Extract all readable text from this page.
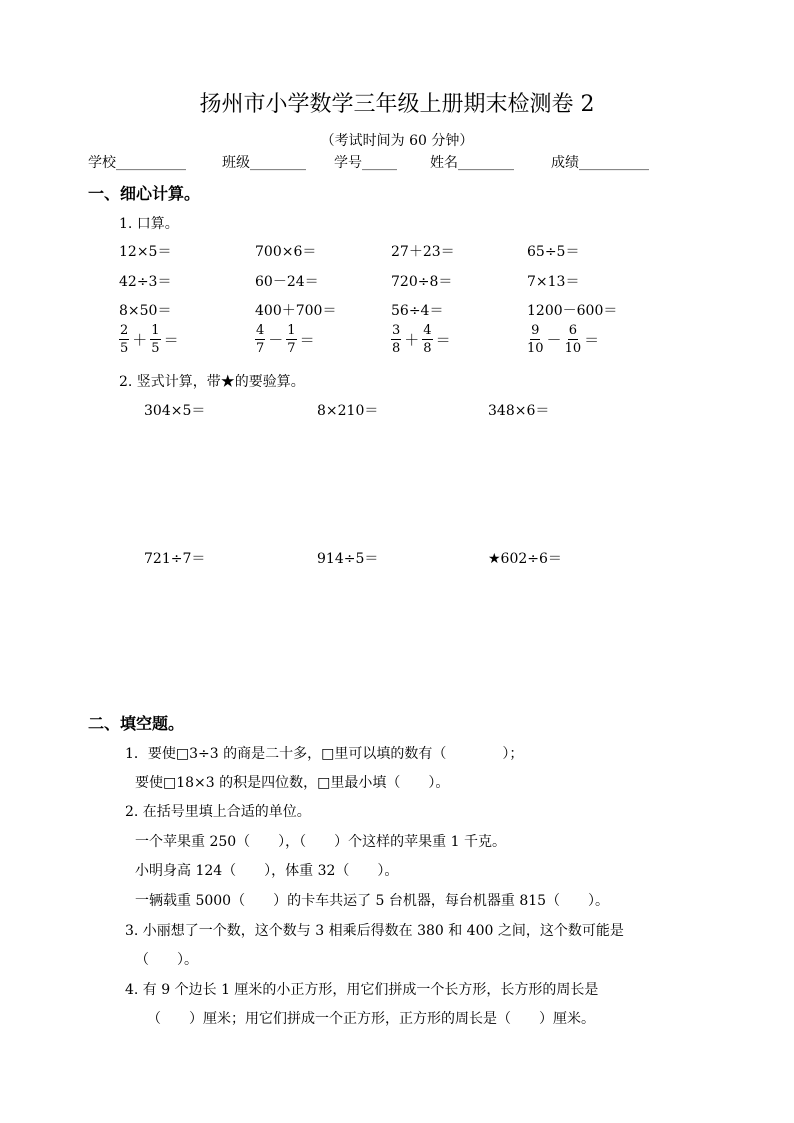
扬州市小学数学三年级上册期末检测卷 2
（考试时间为 60 分钟）
学校__________	班级________ 学号_____ 姓名________	成绩__________
一、细心计算。
1. 口算。
12×5＝	700×6＝	27＋23＝	65÷5＝
42÷3＝	60－24＝	720÷8＝	7×13＝
8×50＝	400＋700＝	56÷4＝	1200－600＝
$\frac{2}{5} + \frac{1}{5}$ ＝	$\frac{4}{7} - \frac{1}{7}$ ＝	$\frac{3}{8} + \frac{4}{8}$ ＝	$\frac{9}{10} - \frac{6}{10}$ ＝
2. 竖式计算，带★的要验算。
304×5＝	8×210＝	348×6＝
721÷7＝	914÷5＝	★602÷6＝
二、填空题。
1．要使□3÷3 的商是二十多，□里可以填的数有（　　　　）；
要使□18×3 的积是四位数，□里最小填（　　）。
2. 在括号里填上合适的单位。
一个苹果重 250（　　），（　　）个这样的苹果重 1 千克。
小明身高 124（　　），体重 32（　　）。
一辆载重 5000（　　）的卡车共运了 5 台机器，每台机器重 815（　　）。
3. 小丽想了一个数，这个数与 3 相乘后得数在 380 和 400 之间，这个数可能是
（　　）。
4. 有 9 个边长 1 厘米的小正方形，用它们拼成一个长方形，长方形的周长是
（　　）厘米；用它们拼成一个正方形，正方形的周长是（　　）厘米。
